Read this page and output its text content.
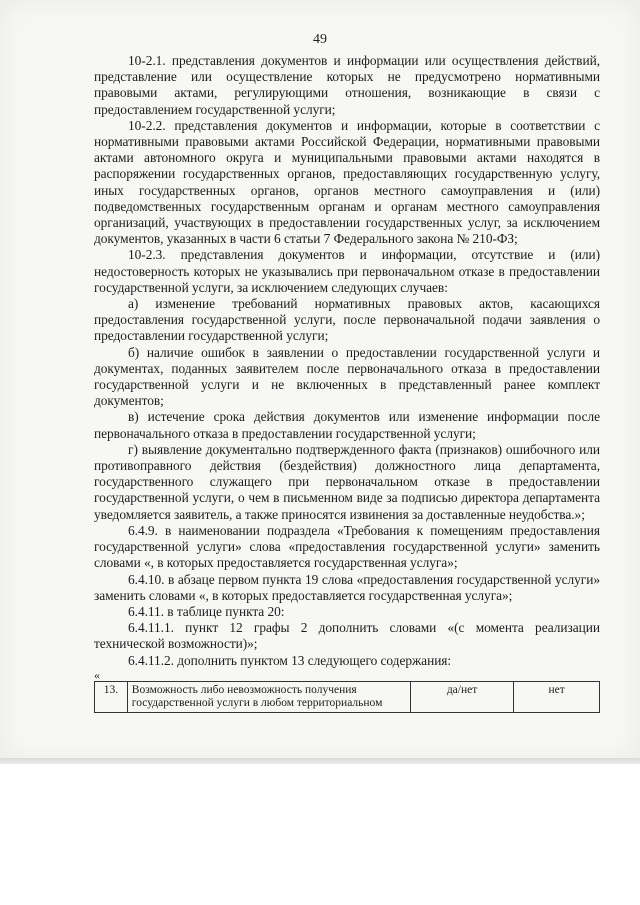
49

10-2.1. представления документов и информации или осуществления действий, представление или осуществление которых не предусмотрено нормативными правовыми актами, регулирующими отношения, возникающие в связи с предоставлением государственной услуги;

10-2.2. представления документов и информации, которые в соответствии с нормативными правовыми актами Российской Федерации, нормативными правовыми актами автономного округа и муниципальными правовыми актами находятся в распоряжении государственных органов, предоставляющих государственную услугу, иных государственных органов, органов местного самоуправления и (или) подведомственных государственным органам и органам местного самоуправления организаций, участвующих в предоставлении государственных услуг, за исключением документов, указанных в части 6 статьи 7 Федерального закона № 210-ФЗ;

10-2.3. представления документов и информации, отсутствие и (или) недостоверность которых не указывались при первоначальном отказе в предоставлении государственной услуги, за исключением следующих случаев:

а) изменение требований нормативных правовых актов, касающихся предоставления государственной услуги, после первоначальной подачи заявления о предоставлении государственной услуги;

б) наличие ошибок в заявлении о предоставлении государственной услуги и документах, поданных заявителем после первоначального отказа в предоставлении государственной услуги и не включенных в представленный ранее комплект документов;

в) истечение срока действия документов или изменение информации после первоначального отказа в предоставлении государственной услуги;

г) выявление документально подтвержденного факта (признаков) ошибочного или противоправного действия (бездействия) должностного лица департамента, государственного служащего при первоначальном отказе в предоставлении государственной услуги, о чем в письменном виде за подписью директора департамента уведомляется заявитель, а также приносятся извинения за доставленные неудобства.»;

6.4.9. в наименовании подраздела «Требования к помещениям предоставления государственной услуги» слова «предоставления государственной услуги» заменить словами «, в которых предоставляется государственная услуга»;

6.4.10. в абзаце первом пункта 19 слова «предоставления государственной услуги» заменить словами «, в которых предоставляется государственная услуга»;

6.4.11. в таблице пункта 20:

6.4.11.1. пункт 12 графы 2 дополнить словами «(с момента реализации технической возможности)»;

6.4.11.2. дополнить пунктом 13 следующего содержания:

«

13.	Возможность либо невозможность получения государственной услуги в любом территориальном	да/нет	нет
